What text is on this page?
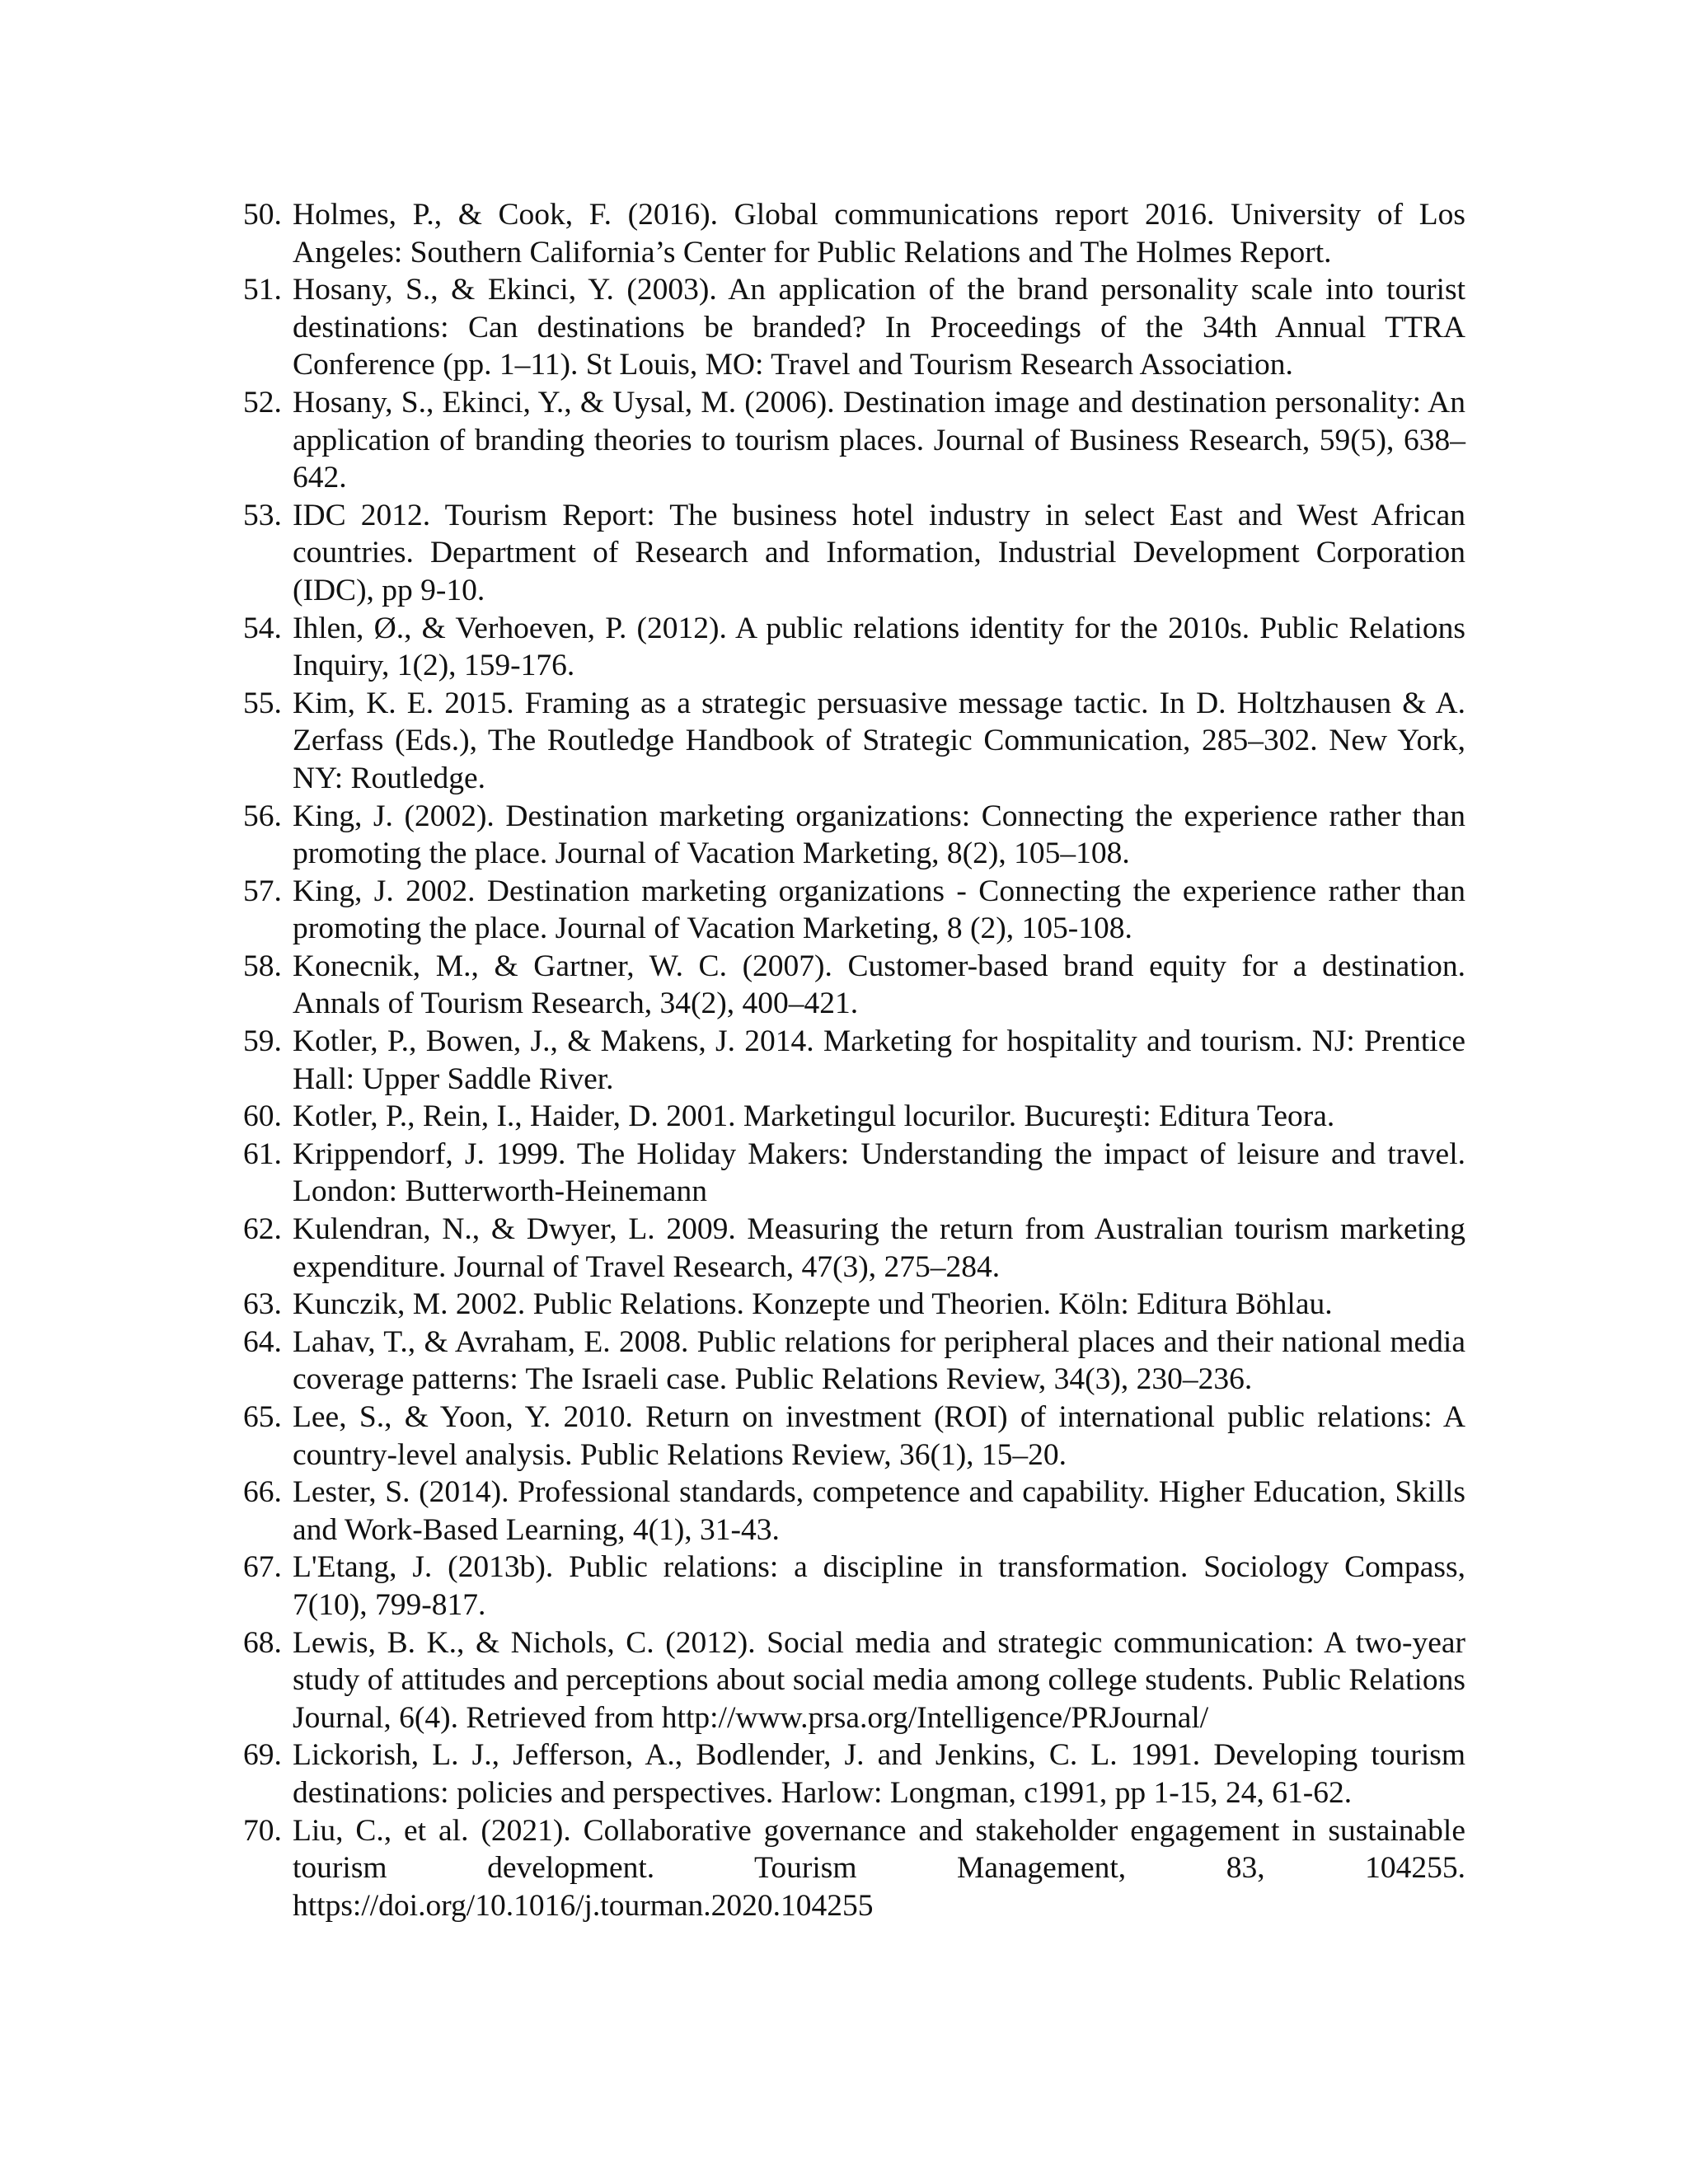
50. Holmes, P., & Cook, F. (2016). Global communications report 2016. University of Los Angeles: Southern California’s Center for Public Relations and The Holmes Report.
51. Hosany, S., & Ekinci, Y. (2003). An application of the brand personality scale into tourist destinations: Can destinations be branded? In Proceedings of the 34th Annual TTRA Conference (pp. 1–11). St Louis, MO: Travel and Tourism Research Association.
52. Hosany, S., Ekinci, Y., & Uysal, M. (2006). Destination image and destination personality: An application of branding theories to tourism places. Journal of Business Research, 59(5), 638–642.
53. IDC 2012. Tourism Report: The business hotel industry in select East and West African countries. Department of Research and Information, Industrial Development Corporation (IDC), pp 9-10.
54. Ihlen, Ø., & Verhoeven, P. (2012). A public relations identity for the 2010s. Public Relations Inquiry, 1(2), 159-176.
55. Kim, K. E. 2015. Framing as a strategic persuasive message tactic. In D. Holtzhausen & A. Zerfass (Eds.), The Routledge Handbook of Strategic Communication, 285–302. New York, NY: Routledge.
56. King, J. (2002). Destination marketing organizations: Connecting the experience rather than promoting the place. Journal of Vacation Marketing, 8(2), 105–108.
57. King, J. 2002. Destination marketing organizations - Connecting the experience rather than promoting the place. Journal of Vacation Marketing, 8 (2), 105-108.
58. Konecnik, M., & Gartner, W. C. (2007). Customer-based brand equity for a destination. Annals of Tourism Research, 34(2), 400–421.
59. Kotler, P., Bowen, J., & Makens, J. 2014. Marketing for hospitality and tourism. NJ: Prentice Hall: Upper Saddle River.
60. Kotler, P., Rein, I., Haider, D. 2001. Marketingul locurilor. Bucureşti: Editura Teora.
61. Krippendorf, J. 1999. The Holiday Makers: Understanding the impact of leisure and travel. London: Butterworth-Heinemann
62. Kulendran, N., & Dwyer, L. 2009. Measuring the return from Australian tourism marketing expenditure. Journal of Travel Research, 47(3), 275–284.
63. Kunczik, M. 2002. Public Relations. Konzepte und Theorien. Köln: Editura Böhlau.
64. Lahav, T., & Avraham, E. 2008. Public relations for peripheral places and their national media coverage patterns: The Israeli case. Public Relations Review, 34(3), 230–236.
65. Lee, S., & Yoon, Y. 2010. Return on investment (ROI) of international public relations: A country-level analysis. Public Relations Review, 36(1), 15–20.
66. Lester, S. (2014). Professional standards, competence and capability. Higher Education, Skills and Work-Based Learning, 4(1), 31-43.
67. L'Etang, J. (2013b). Public relations: a discipline in transformation. Sociology Compass, 7(10), 799-817.
68. Lewis, B. K., & Nichols, C. (2012). Social media and strategic communication: A two-year study of attitudes and perceptions about social media among college students. Public Relations Journal, 6(4). Retrieved from http://www.prsa.org/Intelligence/PRJournal/
69. Lickorish, L. J., Jefferson, A., Bodlender, J. and Jenkins, C. L. 1991. Developing tourism destinations: policies and perspectives. Harlow: Longman, c1991, pp 1-15, 24, 61-62.
70. Liu, C., et al. (2021). Collaborative governance and stakeholder engagement in sustainable tourism development. Tourism Management, 83, 104255. https://doi.org/10.1016/j.tourman.2020.104255
